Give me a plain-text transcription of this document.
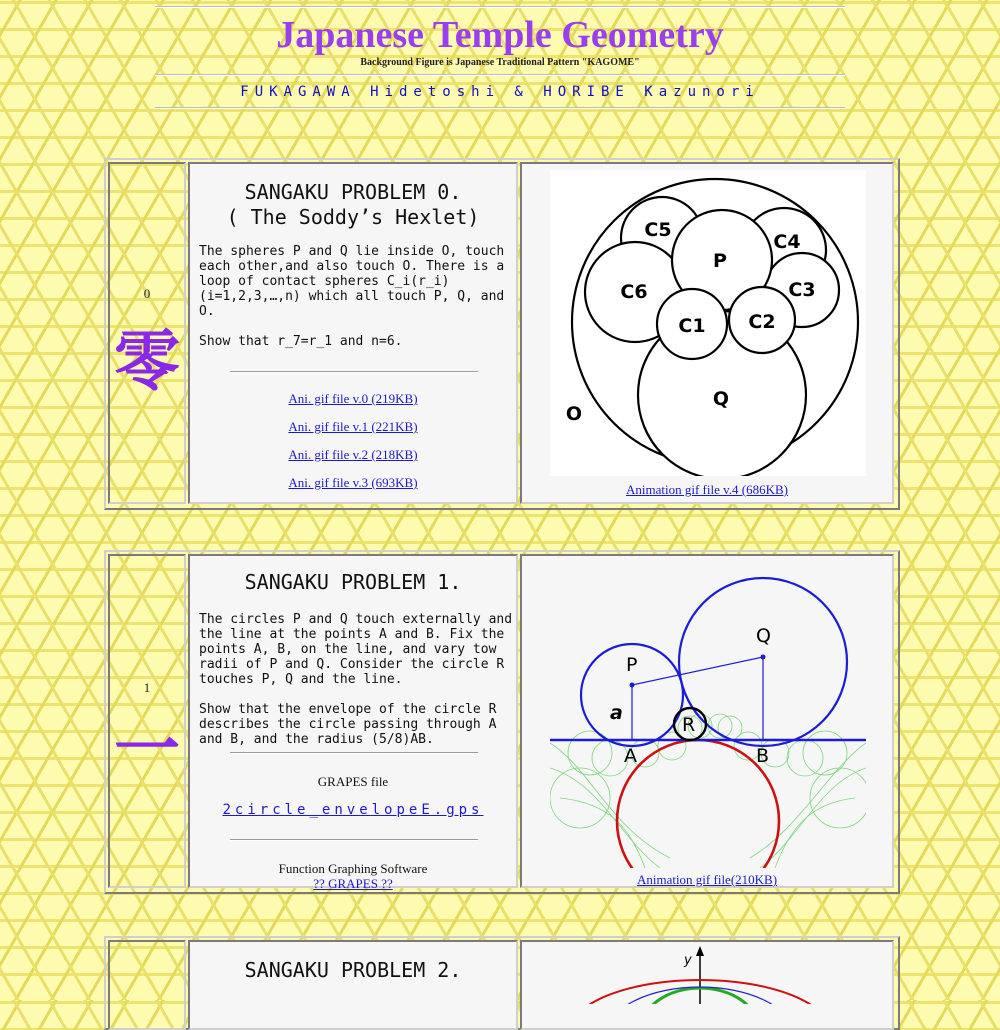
Japanese Temple Geometry
Background Figure is Japanese Traditional Pattern "KAGOME"
FUKAGAWA Hidetoshi & HORIBE Kazunori
0
零
SANGAKU PROBLEM 0.
( The Soddy’s Hexlet)
The spheres P and Q lie inside O, touch each other,and also touch O. There is a loop of contact spheres C_i(r_i) (i=1,2,3,…,n) which all touch P, Q, and O.

Show that r_7=r_1 and n=6.
Ani. gif file v.0 (219KB)
Ani. gif file v.1 (221KB)
Ani. gif file v.2 (218KB)
Ani. gif file v.3 (693KB)
P
Q
O
C1 C2
C3
C4
C5
C6
Animation gif file v.4 (686KB)
1
一
SANGAKU PROBLEM 1.
The circles P and Q touch externally and the line at the points A and B. Fix the points A, B, on the line, and vary tow radii of P and Q. Consider the circle R touches P, Q and the line.

Show that the envelope of the circle R describes the circle passing through A and B, and the radius (5/8)AB.
GRAPES file
2circle_envelopeE.gps
Function Graphing Software
?? GRAPES ??
P
Q
R
a
A	B
Animation gif file(210KB)
SANGAKU PROBLEM 2.	y
